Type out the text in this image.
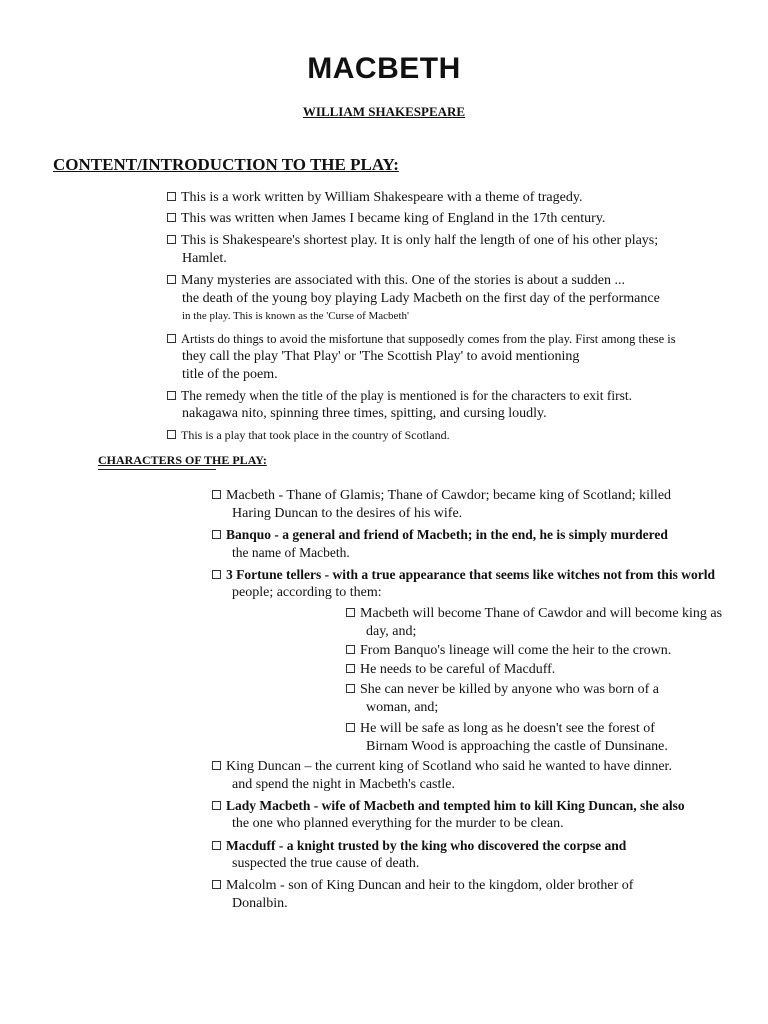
MACBETH
WILLIAM SHAKESPEARE
CONTENT/INTRODUCTION TO THE PLAY:
This is a work written by William Shakespeare with a theme of tragedy.
This was written when James I became king of England in the 17th century.
This is Shakespeare's shortest play. It is only half the length of one of his other plays;
Hamlet.
Many mysteries are associated with this. One of the stories is about a sudden ...
the death of the young boy playing Lady Macbeth on the first day of the performance
in the play. This is known as the 'Curse of Macbeth'
Artists do things to avoid the misfortune that supposedly comes from the play. First among these is
they call the play 'That Play' or 'The Scottish Play' to avoid mentioning
title of the poem.
The remedy when the title of the play is mentioned is for the characters to exit first.
nakagawa nito, spinning three times, spitting, and cursing loudly.
This is a play that took place in the country of Scotland.
CHARACTERS OF THE PLAY:
Macbeth - Thane of Glamis; Thane of Cawdor; became king of Scotland; killed
Haring Duncan to the desires of his wife.
Banquo - a general and friend of Macbeth; in the end, he is simply murdered
the name of Macbeth.
3 Fortune tellers - with a true appearance that seems like witches not from this world
people; according to them:
King Duncan – the current king of Scotland who said he wanted to have dinner.
and spend the night in Macbeth's castle.
Lady Macbeth - wife of Macbeth and tempted him to kill King Duncan, she also
the one who planned everything for the murder to be clean.
Macduff - a knight trusted by the king who discovered the corpse and
suspected the true cause of death.
Malcolm - son of King Duncan and heir to the kingdom, older brother of
Donalbin.
Macbeth will become Thane of Cawdor and will become king as
day, and;
From Banquo's lineage will come the heir to the crown.
He needs to be careful of Macduff.
She can never be killed by anyone who was born of a
woman, and;
He will be safe as long as he doesn't see the forest of
Birnam Wood is approaching the castle of Dunsinane.
